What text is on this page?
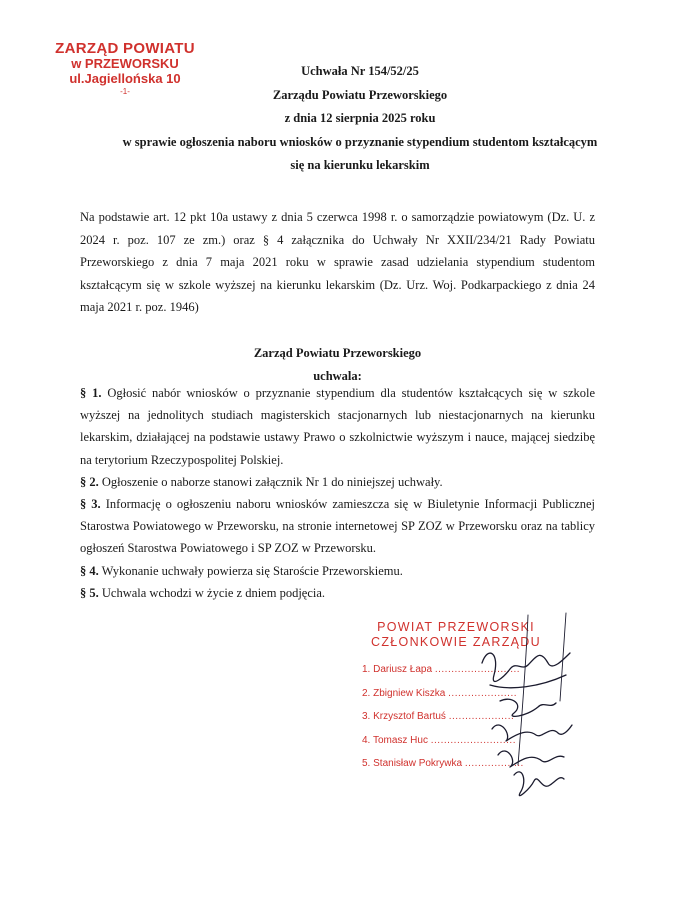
ZARZĄD POWIATU
w PRZEWORSKU
ul.Jagiellońska 10
-1-
Uchwała Nr 154/52/25
Zarządu Powiatu Przeworskiego
z dnia 12 sierpnia 2025 roku
w sprawie ogłoszenia naboru wniosków o przyznanie stypendium studentom kształcącym
się na kierunku lekarskim
Na podstawie art. 12 pkt 10a ustawy z dnia 5 czerwca 1998 r. o samorządzie powiatowym (Dz. U. z 2024 r. poz. 107 ze zm.) oraz § 4 załącznika do Uchwały Nr XXII/234/21 Rady Powiatu Przeworskiego z dnia 7 maja 2021 roku w sprawie zasad udzielania stypendium studentom kształcącym się w szkole wyższej na kierunku lekarskim (Dz. Urz. Woj. Podkarpackiego z dnia 24 maja 2021 r. poz. 1946)
Zarząd Powiatu Przeworskiego
uchwala:

§ 1. Ogłosić nabór wniosków o przyznanie stypendium dla studentów kształcących się w szkole wyższej na jednolitych studiach magisterskich stacjonarnych lub niestacjonarnych na kierunku lekarskim, działającej na podstawie ustawy Prawo o szkolnictwie wyższym i nauce, mającej siedzibę na terytorium Rzeczypospolitej Polskiej.

§ 2. Ogłoszenie o naborze stanowi załącznik Nr 1 do niniejszej uchwały.

§ 3. Informację o ogłoszeniu naboru wniosków zamieszcza się w Biuletynie Informacji Publicznej Starostwa Powiatowego w Przeworsku, na stronie internetowej SP ZOZ w Przeworsku oraz na tablicy ogłoszeń Starostwa Powiatowego i SP ZOZ w Przeworsku.

§ 4. Wykonanie uchwały powierza się Staroście Przeworskiemu.

§ 5. Uchwala wchodzi w życie z dniem podjęcia.

POWIAT PRZEWORSKI
CZŁONKOWIE ZARZĄDU
1. Dariusz Łapa ..........................
2. Zbigniew Kiszka .....................
3. Krzysztof Bartuś ....................
4. Tomasz Huc ..........................
5. Stanisław Pokrywka ..................
